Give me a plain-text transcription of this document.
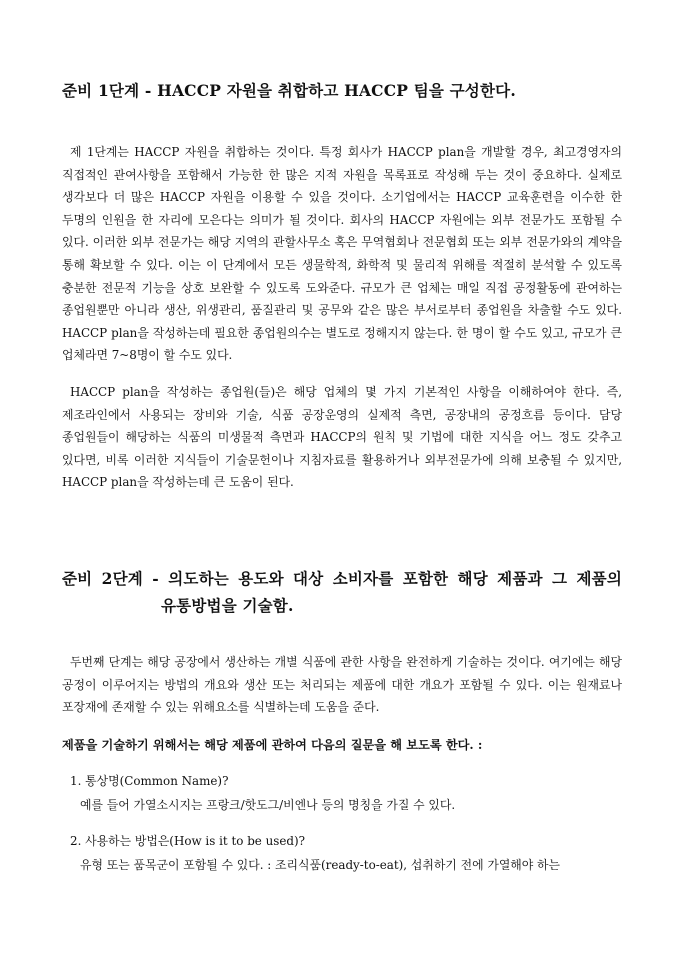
준비 1단계 - HACCP 자원을 취합하고 HACCP 팀을 구성한다.

제 1단계는 HACCP 자원을 취합하는 것이다. 특정 회사가 HACCP plan을 개발할 경우, 최고경영자의 직접적인 관여사항을 포함해서 가능한 한 많은 지적 자원을 목록표로 작성해 두는 것이 중요하다. 실제로 생각보다 더 많은 HACCP 자원을 이용할 수 있을 것이다. 소기업에서는 HACCP 교육훈련을 이수한 한 두명의 인원을 한 자리에 모은다는 의미가 될 것이다. 회사의 HACCP 자원에는 외부 전문가도 포함될 수 있다. 이러한 외부 전문가는 해당 지역의 관할사무소 혹은 무역협회나 전문협회 또는 외부 전문가와의 계약을 통해 확보할 수 있다. 이는 이 단계에서 모든 생물학적, 화학적 및 물리적 위해를 적절히 분석할 수 있도록 충분한 전문적 기능을 상호 보완할 수 있도록 도와준다. 규모가 큰 업체는 매일 직접 공정활동에 관여하는 종업원뿐만 아니라 생산, 위생관리, 품질관리 및 공무와 같은 많은 부서로부터 종업원을 차출할 수도 있다. HACCP plan을 작성하는데 필요한 종업원의수는 별도로 정해지지 않는다. 한 명이 할 수도 있고, 규모가 큰 업체라면 7~8명이 할 수도 있다.

HACCP plan을 작성하는 종업원(들)은 해당 업체의 몇 가지 기본적인 사항을 이해하여야 한다. 즉, 제조라인에서 사용되는 장비와 기술, 식품 공장운영의 실제적 측면, 공장내의 공정흐름 등이다. 담당 종업원들이 해당하는 식품의 미생물적 측면과 HACCP의 원칙 및 기법에 대한 지식을 어느 정도 갖추고 있다면, 비록 이러한 지식들이 기술문헌이나 지침자료를 활용하거나 외부전문가에 의해 보충될 수 있지만, HACCP plan을 작성하는데 큰 도움이 된다.

준비 2단계 - 의도하는 용도와 대상 소비자를 포함한 해당 제품과 그 제품의
유통방법을 기술함.

두번째 단계는 해당 공장에서 생산하는 개별 식품에 관한 사항을 완전하게 기술하는 것이다. 여기에는 해당 공정이 이루어지는 방법의 개요와 생산 또는 처리되는 제품에 대한 개요가 포함될 수 있다. 이는 원재료나 포장재에 존재할 수 있는 위해요소를 식별하는데 도움을 준다.

제품을 기술하기 위해서는 해당 제품에 관하여 다음의 질문을 해 보도록 한다. :
1. 통상명(Common Name)?
예를 들어 가열소시지는 프랑크/핫도그/비엔나 등의 명칭을 가질 수 있다.
2. 사용하는 방법은(How is it to be used)?
유형 또는 품목군이 포함될 수 있다. : 조리식품(ready-to-eat), 섭취하기 전에 가열해야 하는
